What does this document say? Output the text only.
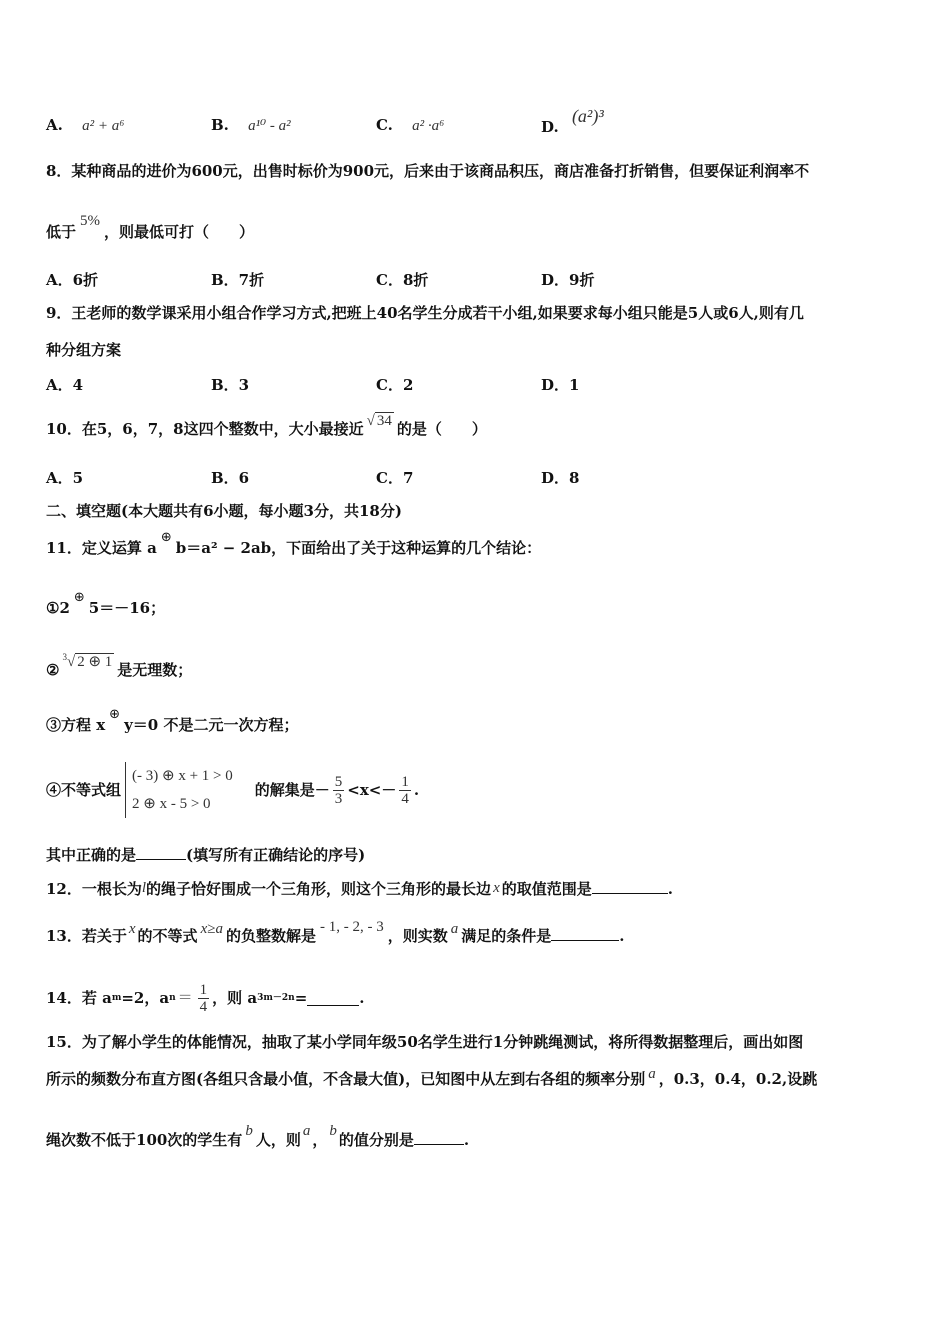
A. a² + a⁶	B. a¹⁰ - a²	C. a² ·a⁶	D. (a²)³
8．某种商品的进价为600元，出售时标价为900元，后来由于该商品积压，商店准备打折销售，但要保证利润率不
低于5%，则最低可打（　　）
A．6折	B．7折	C．8折	D．9折
9．王老师的数学课采用小组合作学习方式,把班上40名学生分成若干小组,如果要求每小组只能是5人或6人,则有几
种分组方案
A．4	B．3	C．2	D．1
10．在5，6，7，8这四个整数中，大小最接近 √ 34 的是（　　）
A．5	B．6	C．7	D．8
二、填空题(本大题共有6小题，每小题3分，共18分)
11．定义运算 a⊕b＝a² − 2ab，下面给出了关于这种运算的几个结论：
①2⊕5＝－16；
②$^3$√ 2 ⊕ 1 是无理数；
③方程 x⊕y＝0 不是二元一次方程；
④不等式组
(- 3) ⊕ x + 1 > 0
2 ⊕ x - 5 > 0
的解集是－ $\frac{5}{3} <x<- \frac{1}{4}$ .
其中正确的是	(填写所有正确结论的序号)
12．一根长为l的绳子恰好围成一个三角形，则这个三角形的最长边 x 的取值范围是	.
13．若关于 x 的不等式 x≥a 的负整数解是 - 1, - 2, - 3 ，则实数 a 满足的条件是	.
14．若 a m =2，a $n = \frac{1}{4}$ ，则 a 3m－2n =	.
15．为了解小学生的体能情况，抽取了某小学同年级50名学生进行1分钟跳绳测试，将所得数据整理后，画出如图
所示的频数分布直方图(各组只含最小值，不含最大值)，已知图中从左到右各组的频率分别 a ，0.3，0.4，0.2,设跳
绳次数不低于100次的学生有 b 人，则 a ， b 的值分别是	.
